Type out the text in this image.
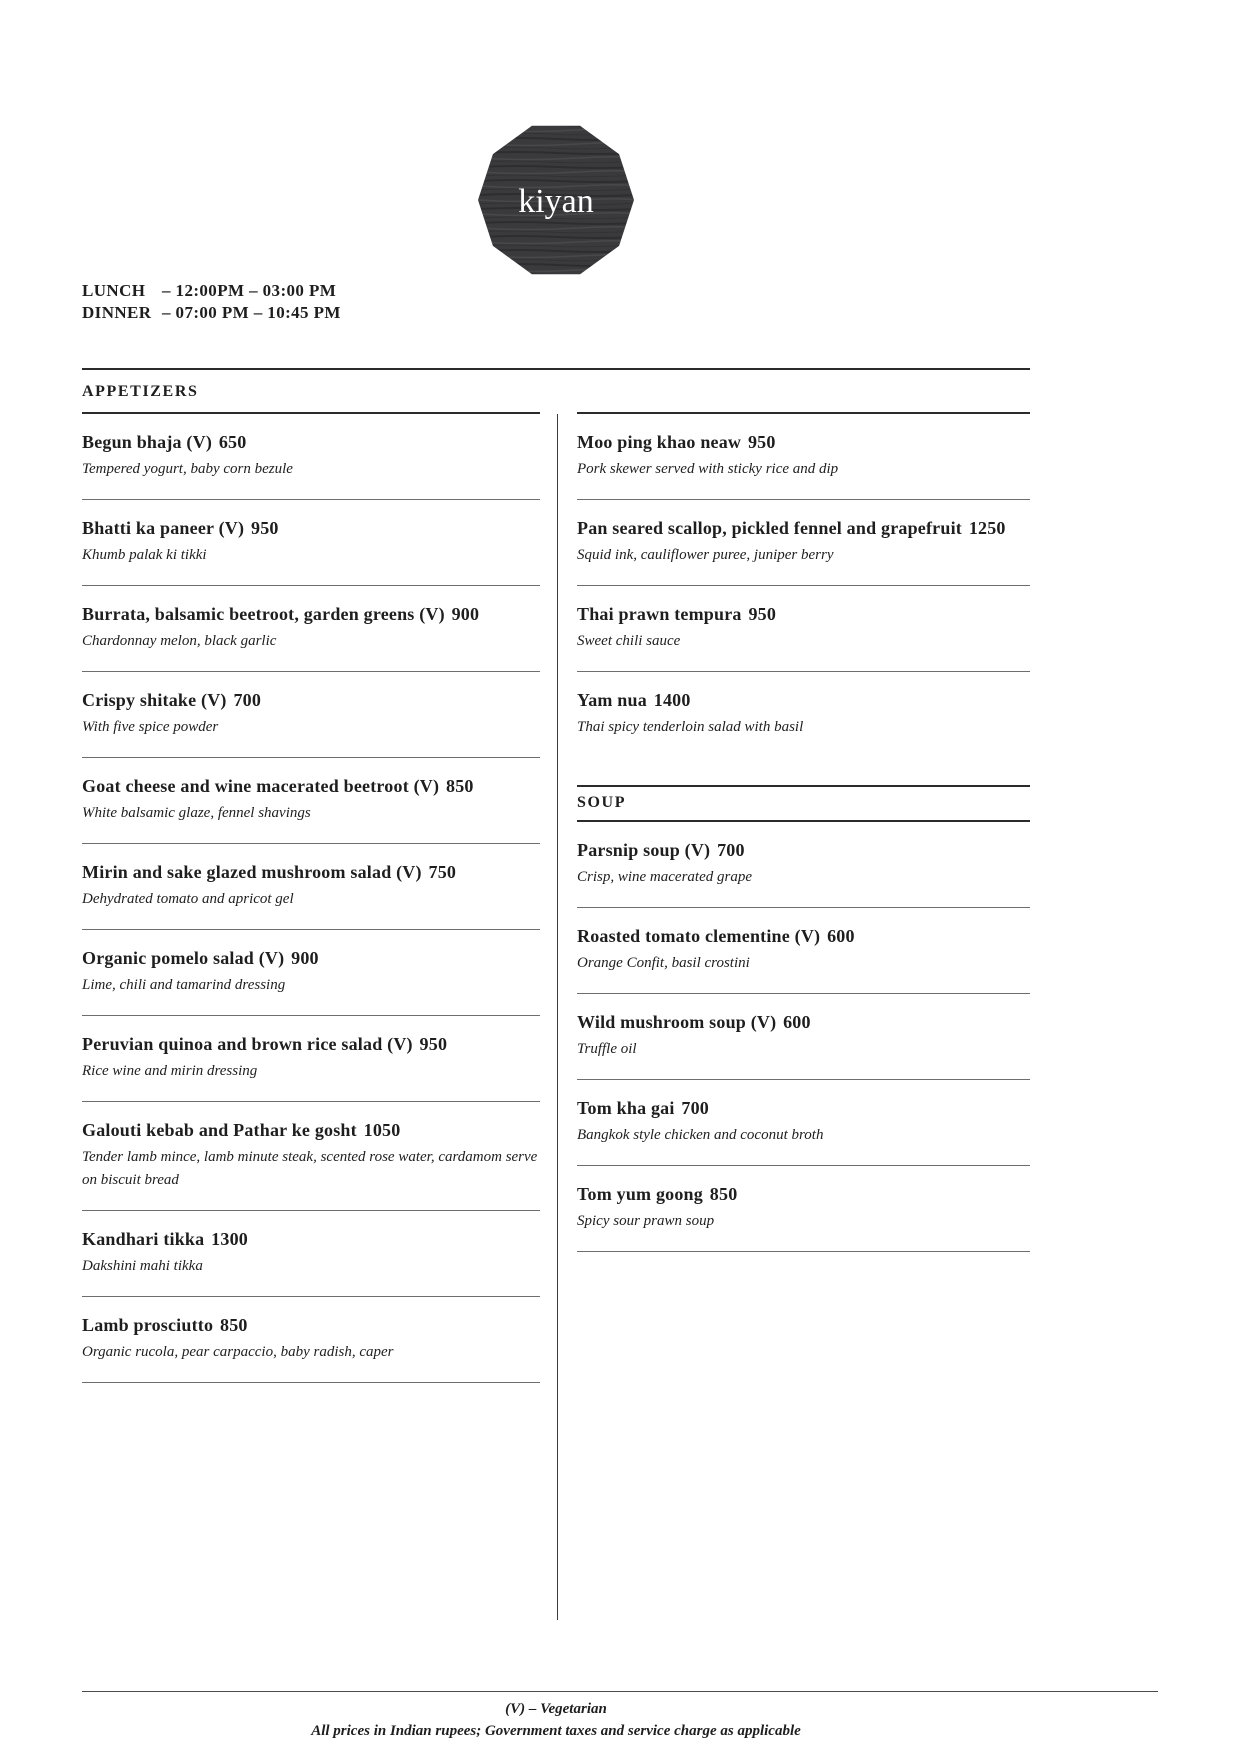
kiyan
LUNCH – 12:00PM – 03:00 PM
DINNER – 07:00 PM – 10:45 PM
APPETIZERS
Begun bhaja (V) 650
Tempered yogurt, baby corn bezule
Bhatti ka paneer (V) 950
Khumb palak ki tikki
Burrata, balsamic beetroot, garden greens (V) 900
Chardonnay melon, black garlic
Crispy shitake (V) 700
With five spice powder
Goat cheese and wine macerated beetroot (V) 850
White balsamic glaze, fennel shavings
Mirin and sake glazed mushroom salad (V) 750
Dehydrated tomato and apricot gel
Organic pomelo salad (V) 900
Lime, chili and tamarind dressing
Peruvian quinoa and brown rice salad (V) 950
Rice wine and mirin dressing
Galouti kebab and Pathar ke gosht 1050
Tender lamb mince, lamb minute steak, scented rose water, cardamom serve on biscuit bread
Kandhari tikka 1300
Dakshini mahi tikka
Lamb prosciutto 850
Organic rucola, pear carpaccio, baby radish, caper
Moo ping khao neaw 950
Pork skewer served with sticky rice and dip
Pan seared scallop, pickled fennel and grapefruit 1250
Squid ink, cauliflower puree, juniper berry
Thai prawn tempura 950
Sweet chili sauce
Yam nua 1400
Thai spicy tenderloin salad with basil
SOUP
Parsnip soup (V) 700
Crisp, wine macerated grape
Roasted tomato clementine (V) 600
Orange Confit, basil crostini
Wild mushroom soup (V) 600
Truffle oil
Tom kha gai 700
Bangkok style chicken and coconut broth
Tom yum goong 850
Spicy sour prawn soup
(V) – Vegetarian
All prices in Indian rupees; Government taxes and service charge as applicable
